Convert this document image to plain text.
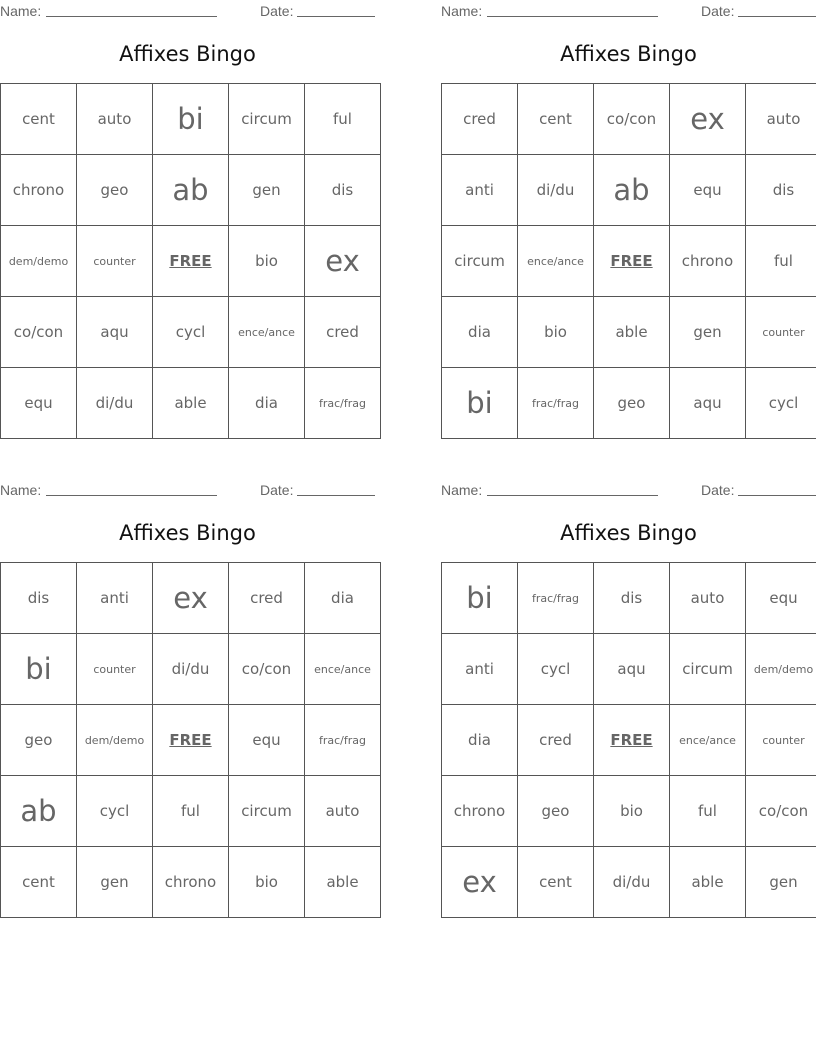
Name:	Date:
Affixes Bingo
cent	auto	bi	circum	ful
chrono	geo	ab	gen	dis
dem/demo	counter	FREE	bio	ex
co/con	aqu	cycl	ence/ance	cred
equ	di/du	able	dia	frac/frag
Name:	Date:
Affixes Bingo
cred	cent	co/con	ex	auto
anti	di/du	ab	equ	dis
circum	ence/ance	FREE	chrono	ful
dia	bio	able	gen	counter
bi	frac/frag	geo	aqu	cycl
Name:	Date:
Affixes Bingo
dis	anti	ex	cred	dia
bi	counter	di/du	co/con	ence/ance
geo	dem/demo	FREE	equ	frac/frag
ab	cycl	ful	circum	auto
cent	gen	chrono	bio	able
Name:	Date:
Affixes Bingo
bi	frac/frag	dis	auto	equ
anti	cycl	aqu	circum	dem/demo
dia	cred	FREE	ence/ance	counter
chrono	geo	bio	ful	co/con
ex	cent	di/du	able	gen
